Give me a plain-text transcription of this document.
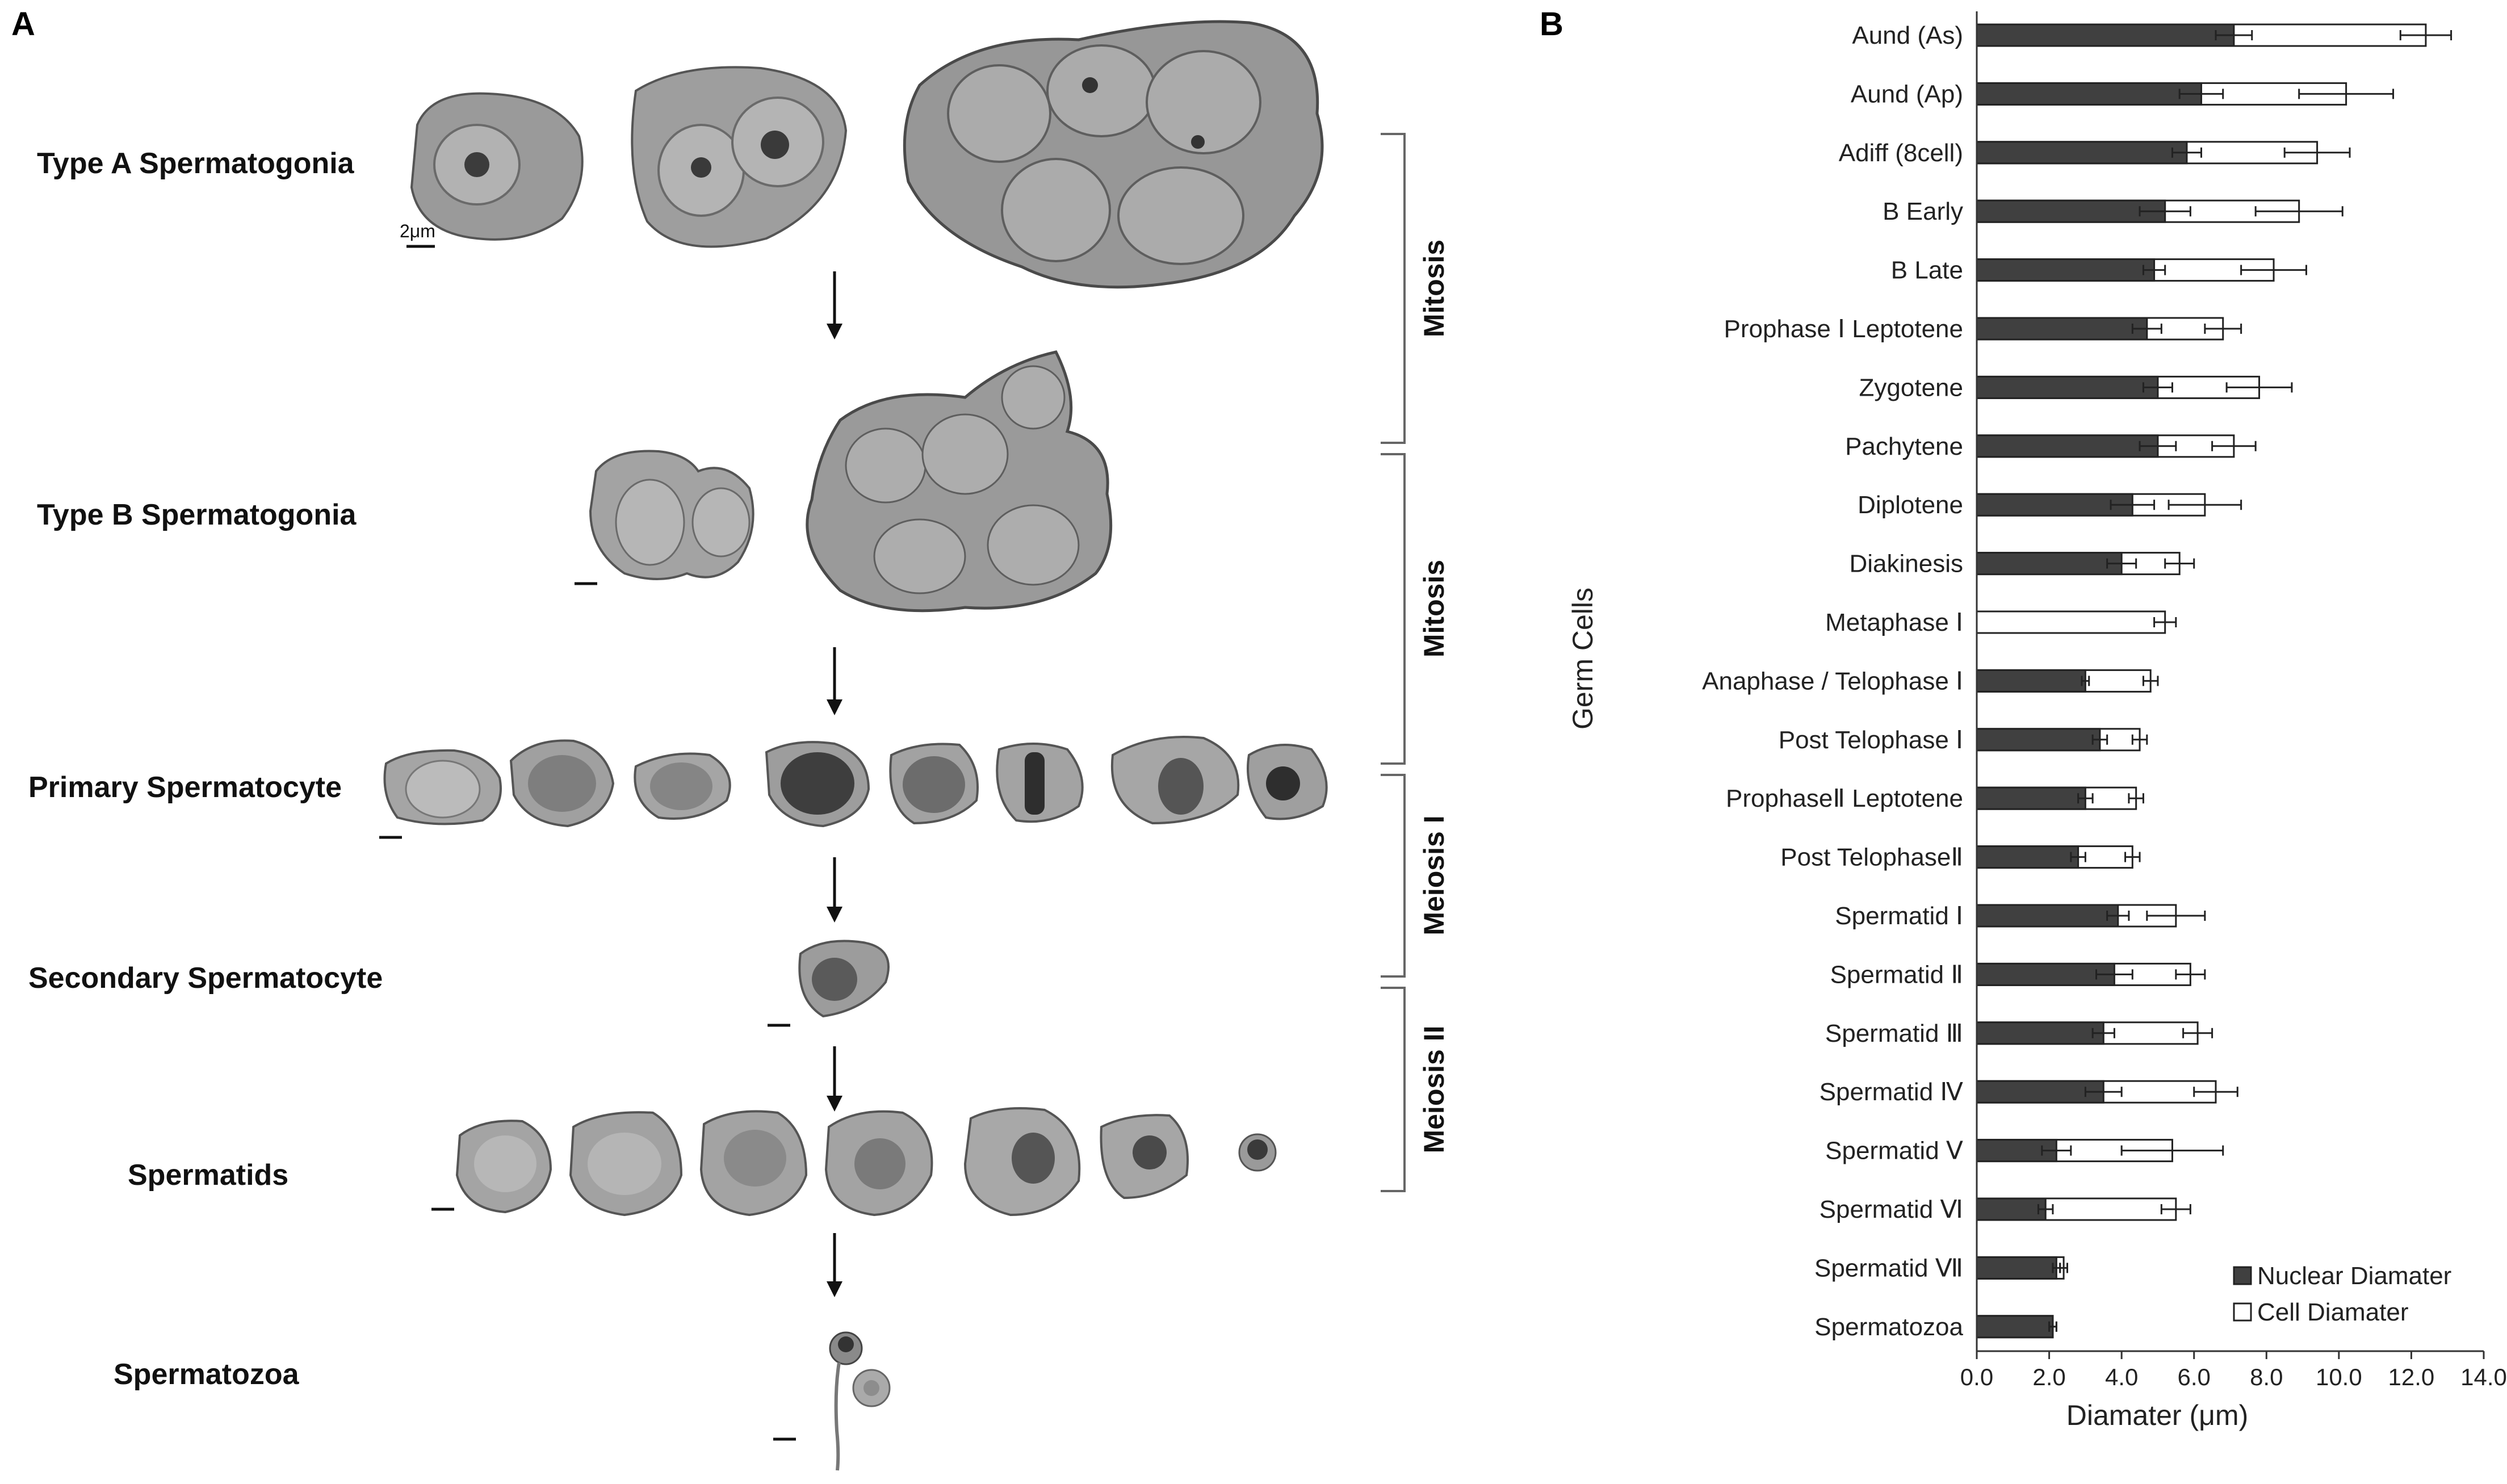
A
Type A Spermatogonia
Type B Spermatogonia
Primary Spermatocyte
Secondary Spermatocyte
Spermatids
Spermatozoa
2μm
Mitosis
Mitosis
Meiosis I
Meiosis II
B	Aund (As)
Aund (Ap)
Adiff (8cell)
B Early
B Late
Prophase Ⅰ Leptotene
Zygotene
Pachytene
Diplotene
Diakinesis
Metaphase Ⅰ
Anaphase / Telophase Ⅰ
Post Telophase Ⅰ
ProphaseⅡ Leptotene
Post TelophaseⅡ
Spermatid Ⅰ
Spermatid Ⅱ
Spermatid Ⅲ
Spermatid Ⅳ
Spermatid Ⅴ
Spermatid Ⅵ
Spermatid Ⅶ
Spermatozoa
0.0 2.0 4.0 6.0 8.0 10.0 12.0 14.0
Diamater (μm)
Germ Cells
Nuclear Diamater
Cell Diamater
